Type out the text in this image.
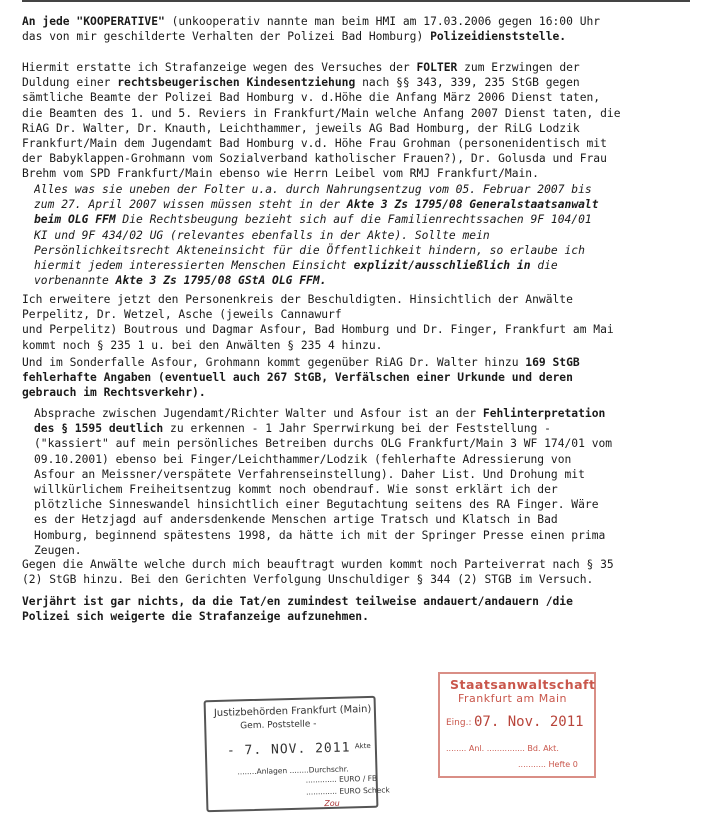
An jede "KOOPERATIVE" (unkooperativ nannte man beim HMI am 17.03.2006 gegen 16:00 Uhr

das von mir geschilderte Verhalten der Polizei Bad Homburg) Polizeidienststelle.

Hiermit erstatte ich Strafanzeige wegen des Versuches der FOLTER zum Erzwingen der

Duldung einer rechtsbeugerischen Kindesentziehung nach §§ 343, 339, 235 StGB gegen

sämtliche Beamte der Polizei Bad Homburg v. d.Höhe die Anfang März 2006 Dienst taten,

die Beamten des 1. und 5. Reviers in Frankfurt/Main welche Anfang 2007 Dienst taten, die

RiAG Dr. Walter, Dr. Knauth, Leichthammer, jeweils AG Bad Homburg, der RiLG Lodzik

Frankfurt/Main dem Jugendamt Bad Homburg v.d. Höhe Frau Grohman (personenidentisch mit

der Babyklappen-Grohmann vom Sozialverband katholischer Frauen?), Dr. Golusda und Frau

Brehm vom SPD Frankfurt/Main ebenso wie Herrn Leibel vom RMJ Frankfurt/Main.

Alles was sie uneben der Folter u.a. durch Nahrungsentzug vom 05. Februar 2007 bis

zum 27. April 2007 wissen müssen steht in der Akte 3 Zs 1795/08 Generalstaatsanwalt

beim OLG FFM Die Rechtsbeugung bezieht sich auf die Familienrechtssachen 9F 104/01

KI und 9F 434/02 UG (relevantes ebenfalls in der Akte). Sollte mein

Persönlichkeitsrecht Akteneinsicht für die Öffentlichkeit hindern, so erlaube ich

hiermit jedem interessierten Menschen Einsicht explizit/ausschließlich in die

vorbenannte Akte 3 Zs 1795/08 GStA OLG FFM.

Ich erweitere jetzt den Personenkreis der Beschuldigten. Hinsichtlich der Anwälte

Perpelitz, Dr. Wetzel, Asche (jeweils Cannawurf

und Perpelitz) Boutrous und Dagmar Asfour, Bad Homburg und Dr. Finger, Frankfurt am Mai

kommt noch § 235 1 u. bei den Anwälten § 235 4 hinzu.

Und im Sonderfalle Asfour, Grohmann kommt gegenüber RiAG Dr. Walter hinzu 169 StGB

fehlerhafte Angaben (eventuell auch 267 StGB, Verfälschen einer Urkunde und deren

gebrauch im Rechtsverkehr).

Absprache zwischen Jugendamt/Richter Walter und Asfour ist an der Fehlinterpretation

des § 1595 deutlich zu erkennen - 1 Jahr Sperrwirkung bei der Feststellung -

("kassiert" auf mein persönliches Betreiben durchs OLG Frankfurt/Main 3 WF 174/01 vom

09.10.2001) ebenso bei Finger/Leichthammer/Lodzik (fehlerhafte Adressierung von

Asfour an Meissner/verspätete Verfahrenseinstellung). Daher List. Und Drohung mit

willkürlichem Freiheitsentzug kommt noch obendrauf. Wie sonst erklärt ich der

plötzliche Sinneswandel hinsichtlich einer Begutachtung seitens des RA Finger. Wäre

es der Hetzjagd auf andersdenkende Menschen artige Tratsch und Klatsch in Bad

Homburg, beginnend spätestens 1998, da hätte ich mit der Springer Presse einen prima

Zeugen.

Gegen die Anwälte welche durch mich beauftragt wurden kommt noch Parteiverrat nach § 35

(2) StGB hinzu. Bei den Gerichten Verfolgung Unschuldiger § 344 (2) STGB im Versuch.

Verjährt ist gar nichts, da die Tat/en zumindest teilweise andauert/andauern /die

Polizei sich weigerte die Strafanzeige aufzunehmen.

Justizbehörden Frankfurt (Main)
Gem. Poststelle -
- 7. NOV. 2011 Akte
........Anlagen ........Durchschr.
............. EURO / FB
............. EURO Scheck
Zou
Staatsanwaltschaft
Frankfurt am Main
Eing.: 07. Nov. 2011
........ Anl. ............... Bd. Akt.
........... Hefte 0
